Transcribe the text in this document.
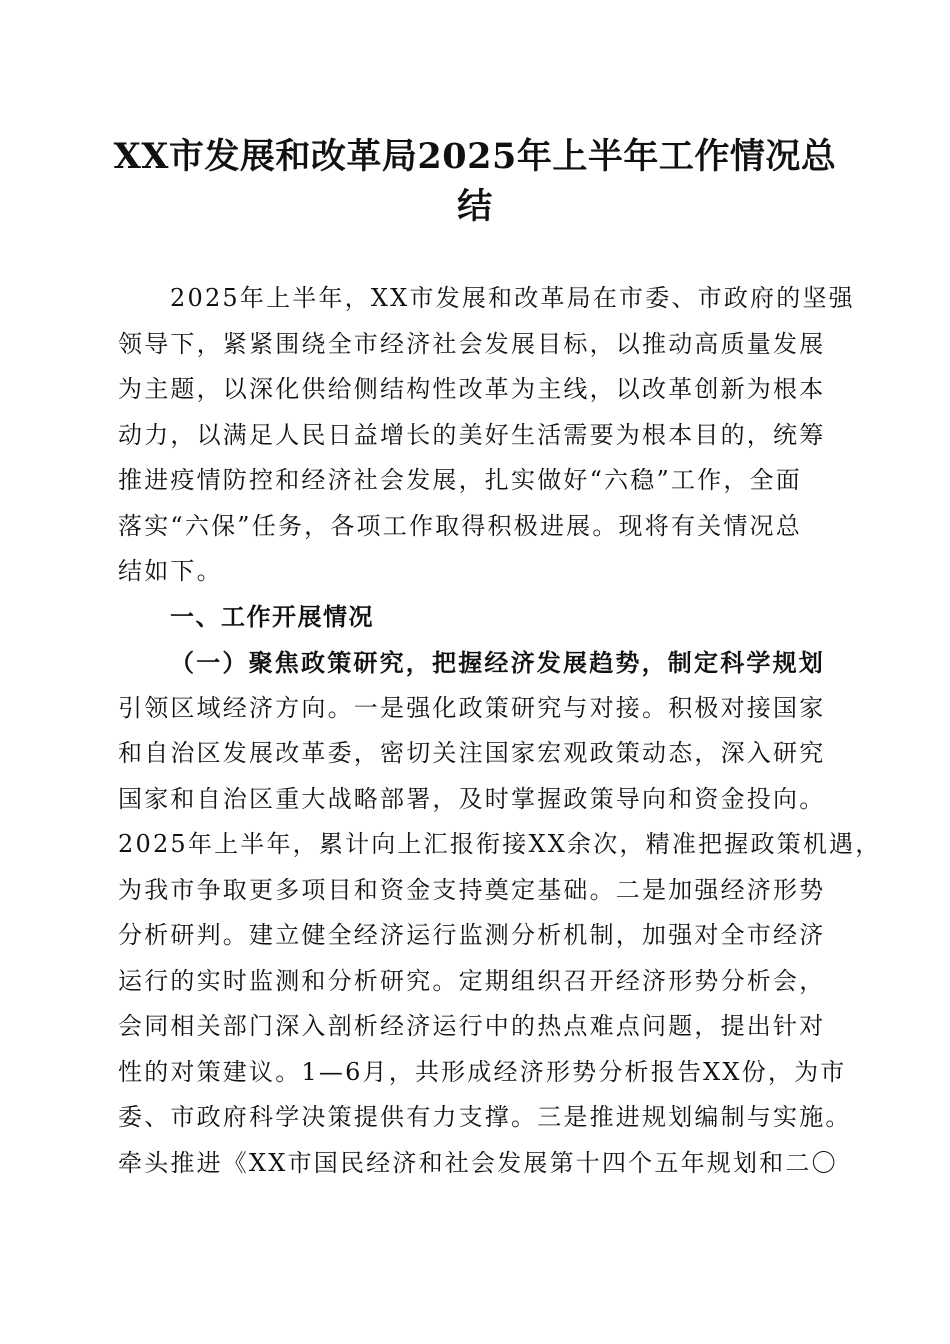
XX市发展和改革局2025年上半年工作情况总
结
2025年上半年，XX市发展和改革局在市委、市政府的坚强
领导下，紧紧围绕全市经济社会发展目标，以推动高质量发展
为主题，以深化供给侧结构性改革为主线，以改革创新为根本
动力，以满足人民日益增长的美好生活需要为根本目的，统筹
推进疫情防控和经济社会发展，扎实做好“六稳”工作，全面
落实“六保”任务，各项工作取得积极进展。现将有关情况总
结如下。
一、工作开展情况
（一）聚焦政策研究，把握经济发展趋势，制定科学规划
引领区域经济方向。一是强化政策研究与对接。积极对接国家
和自治区发展改革委，密切关注国家宏观政策动态，深入研究
国家和自治区重大战略部署，及时掌握政策导向和资金投向。
2025年上半年，累计向上汇报衔接XX余次，精准把握政策机遇，
为我市争取更多项目和资金支持奠定基础。二是加强经济形势
分析研判。建立健全经济运行监测分析机制，加强对全市经济
运行的实时监测和分析研究。定期组织召开经济形势分析会，
会同相关部门深入剖析经济运行中的热点难点问题，提出针对
性的对策建议。1—6月，共形成经济形势分析报告XX份，为市
委、市政府科学决策提供有力支撑。三是推进规划编制与实施。
牵头推进《XX市国民经济和社会发展第十四个五年规划和二〇
